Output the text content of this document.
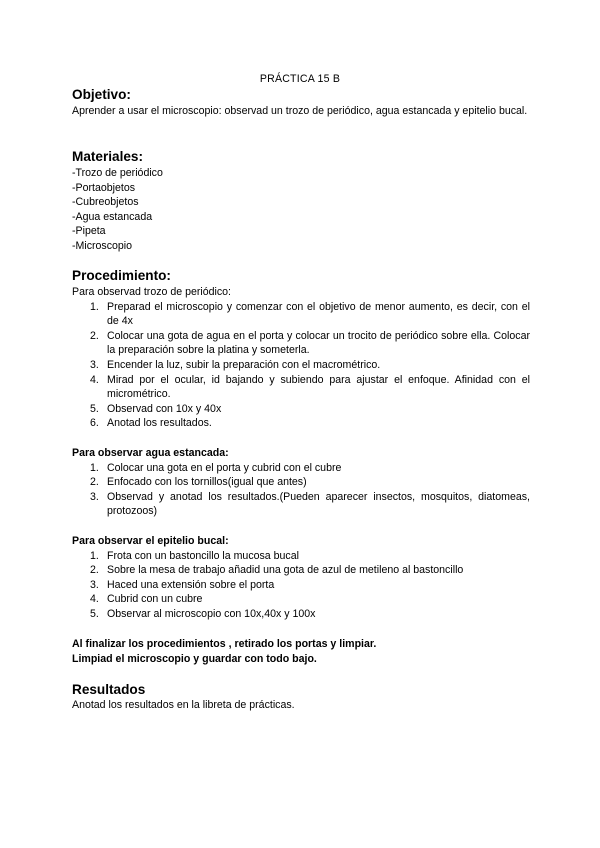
PRÁCTICA 15 B
Objetivo:

Aprender a usar el microscopio: observad un trozo de periódico, agua estancada y epitelio bucal.

Materiales:
-Trozo de periódico
-Portaobjetos
-Cubreobjetos
-Agua estancada
-Pipeta
-Microscopio
Procedimiento:

Para observad trozo de periódico:

1. Preparad el microscopio y comenzar con el objetivo de menor aumento, es decir, con el de 4x
2. Colocar una gota de agua en el porta y colocar un trocito de periódico sobre ella. Colocar la preparación sobre la platina y someterla.
3. Encender la luz, subir la preparación con el macrométrico.
4. Mirad por el ocular, id bajando y subiendo para ajustar el enfoque. Afinidad con el micrométrico.
5. Observad con 10x y 40x
6. Anotad los resultados.

Para observar agua estancada:

1. Colocar una gota en el porta y cubrid con el cubre
2. Enfocado con los tornillos(igual que antes)
3. Observad y anotad los resultados.(Pueden aparecer insectos, mosquitos, diatomeas, protozoos)

Para observar el epitelio bucal:

1. Frota con un bastoncillo la mucosa bucal
2. Sobre la mesa de trabajo añadid una gota de azul de metileno al bastoncillo
3. Haced una extensión sobre el porta
4. Cubrid con un cubre
5. Observar al microscopio con 10x,40x y 100x

Al finalizar los procedimientos , retirado los portas y limpiar.

Limpiad el microscopio y guardar con todo bajo.

Resultados

Anotad los resultados en la libreta de prácticas.
